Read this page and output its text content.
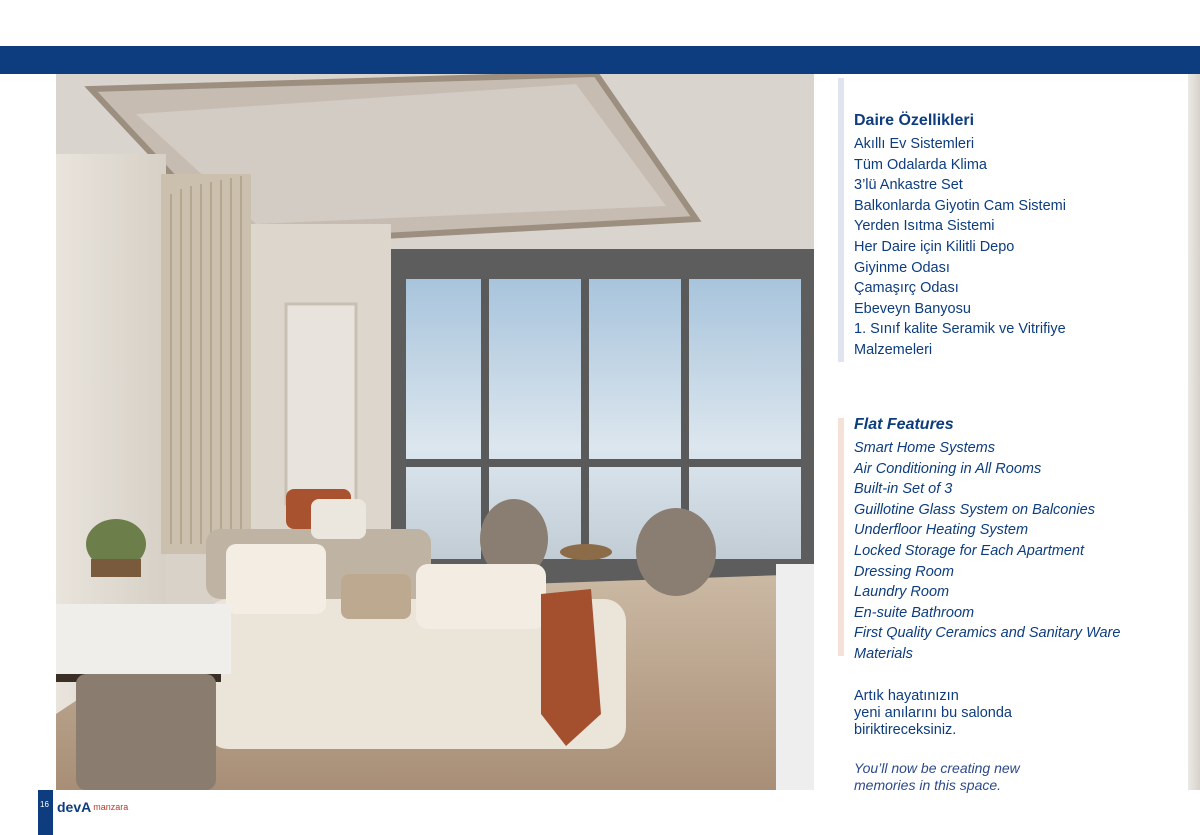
16 devA manzara
Daire Özellikleri
Akıllı Ev Sistemleri
Tüm Odalarda Klima
3’lü Ankastre Set
Balkonlarda Giyotin Cam Sistemi
Yerden Isıtma Sistemi
Her Daire için Kilitli Depo
Giyinme Odası
Çamaşırç Odası
Ebeveyn Banyosu
1. Sınıf kalite Seramik ve Vitrifiye
Malzemeleri
Flat Features
Smart Home Systems
Air Conditioning in All Rooms
Built-in Set of 3
Guillotine Glass System on Balconies
Underfloor Heating System
Locked Storage for Each Apartment
Dressing Room
Laundry Room
En-suite Bathroom
First Quality Ceramics and Sanitary Ware
Materials
Artık hayatınızın
yeni anılarını bu salonda
biriktireceksiniz.
You’ll now be creating new
memories in this space.
